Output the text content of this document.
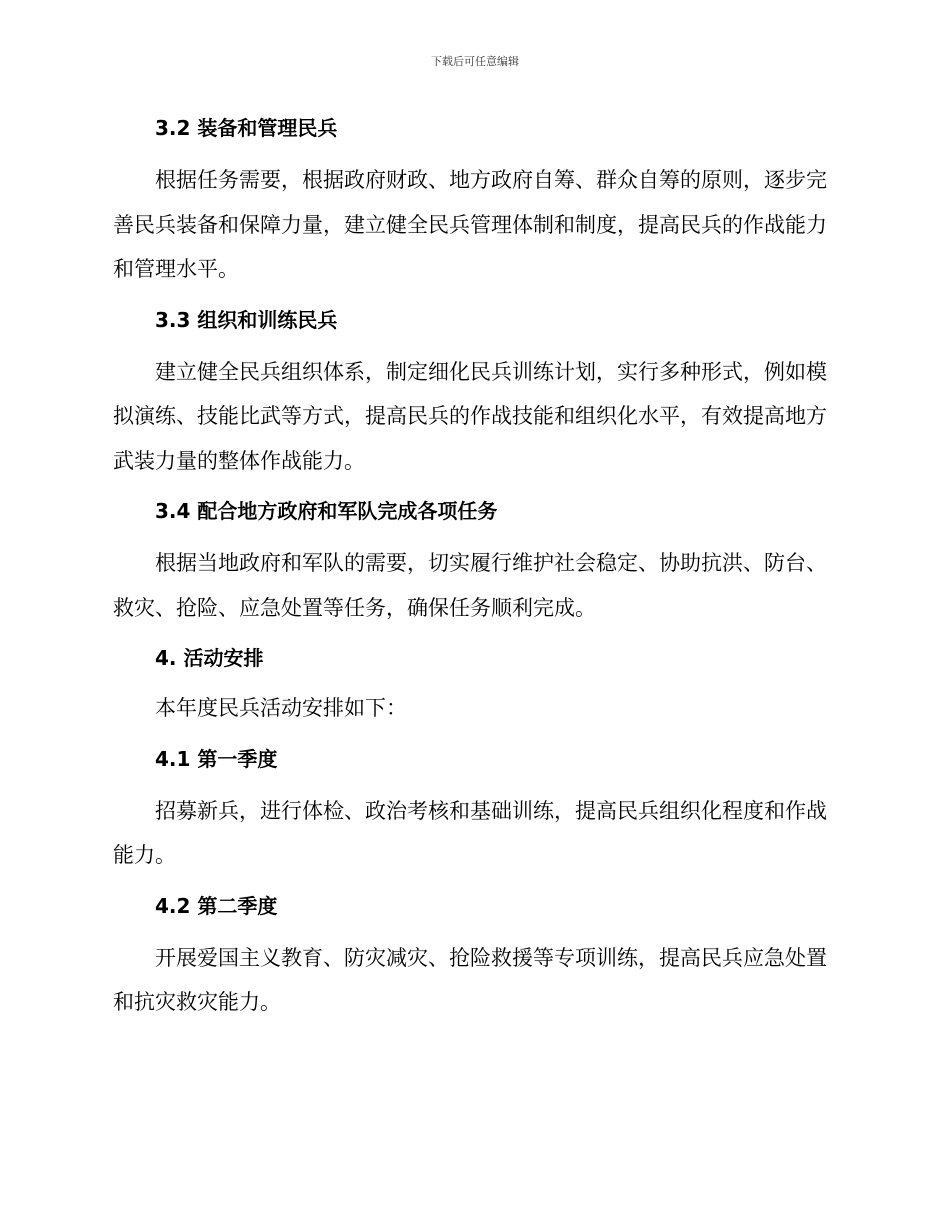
下载后可任意编辑
3.2 装备和管理民兵

根据任务需要，根据政府财政、地方政府自筹、群众自筹的原则，逐步完善民兵装备和保障力量，建立健全民兵管理体制和制度，提高民兵的作战能力和管理水平。

3.3 组织和训练民兵

建立健全民兵组织体系，制定细化民兵训练计划，实行多种形式，例如模拟演练、技能比武等方式，提高民兵的作战技能和组织化水平，有效提高地方武装力量的整体作战能力。

3.4 配合地方政府和军队完成各项任务

根据当地政府和军队的需要，切实履行维护社会稳定、协助抗洪、防台、救灾、抢险、应急处置等任务，确保任务顺利完成。

4. 活动安排

本年度民兵活动安排如下：

4.1 第一季度

招募新兵，进行体检、政治考核和基础训练，提高民兵组织化程度和作战能力。

4.2 第二季度

开展爱国主义教育、防灾减灾、抢险救援等专项训练，提高民兵应急处置和抗灾救灾能力。
